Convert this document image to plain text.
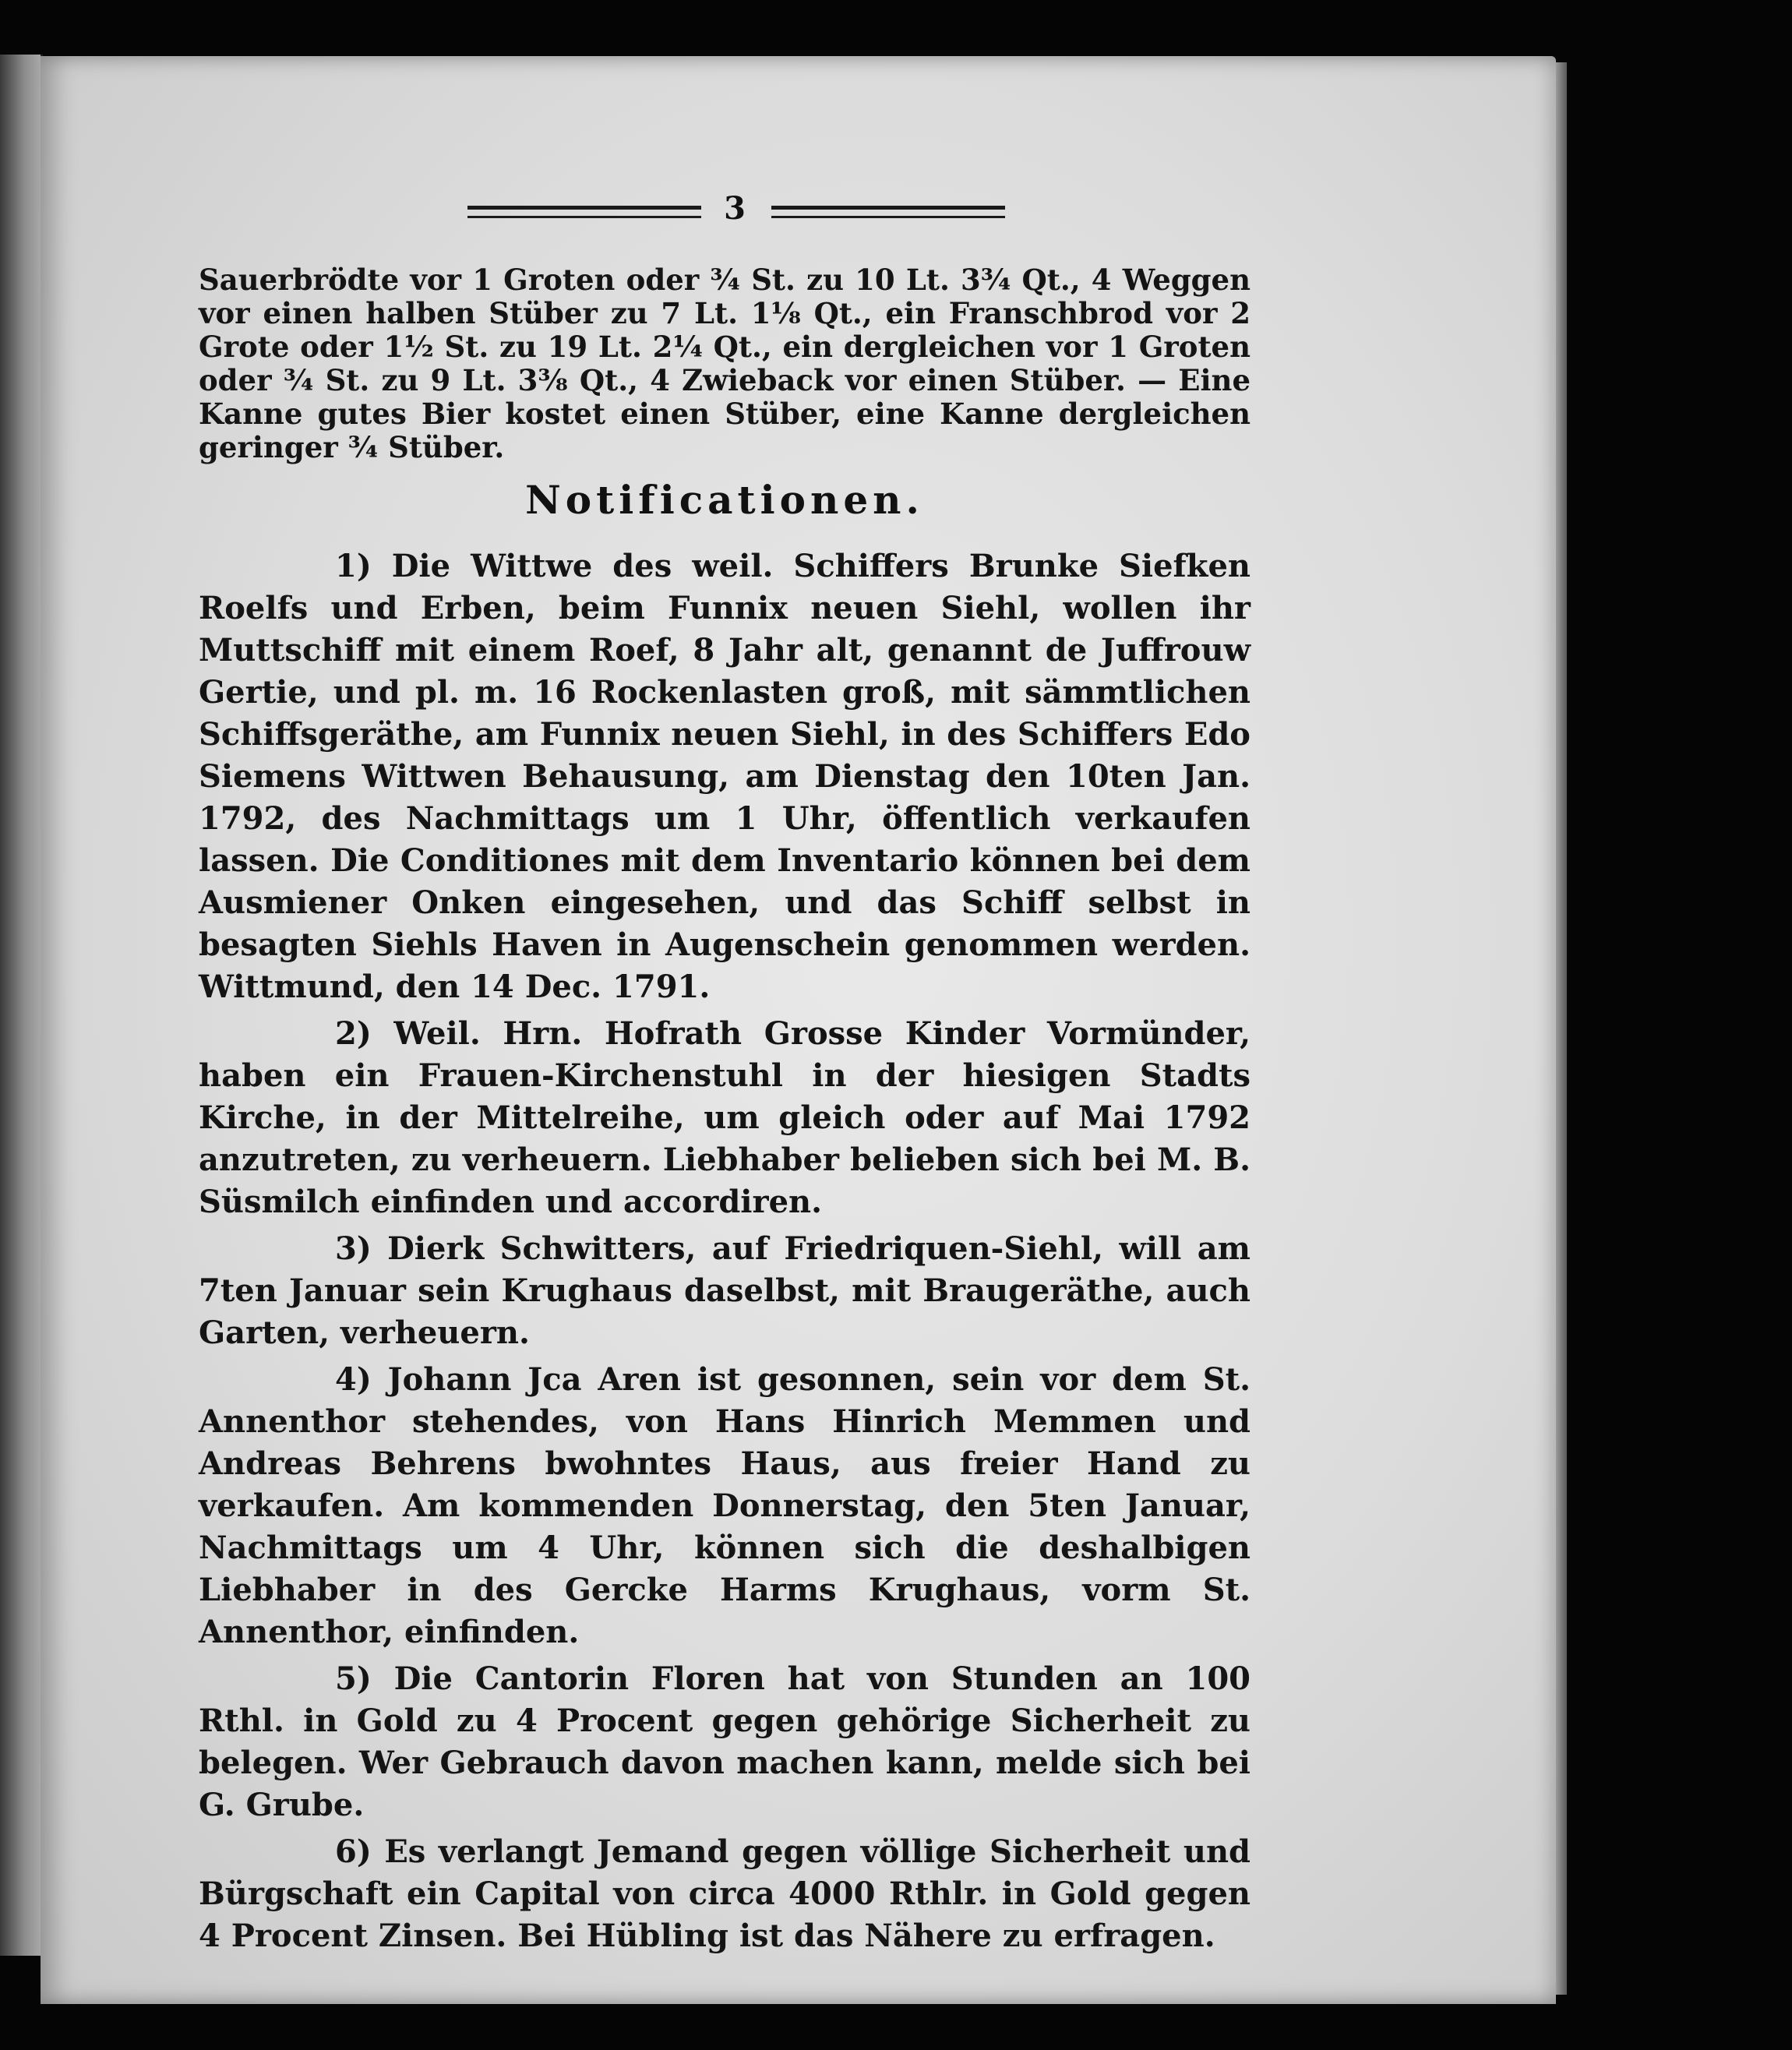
3
Sauerbrödte vor 1 Groten oder ¾ St. zu 10 Lt. 3¾ Qt., 4 Weggen vor einen halben Stüber zu 7 Lt. 1⅛ Qt., ein Franschbrod vor 2 Grote oder 1½ St. zu 19 Lt. 2¼ Qt., ein dergleichen vor 1 Groten oder ¾ St. zu 9 Lt. 3⅜ Qt., 4 Zwieback vor einen Stüber. — Eine Kanne gutes Bier kostet einen Stüber, eine Kanne dergleichen geringer ¾ Stüber.
Notificationen.

1) Die Wittwe des weil. Schiffers Brunke Siefken Roelfs und Erben, beim Funnix neuen Siehl, wollen ihr Muttschiff mit einem Roef, 8 Jahr alt, genannt de Juffrouw Gertie, und pl. m. 16 Rockenlasten groß, mit sämmtlichen Schiffsgeräthe, am Funnix neuen Siehl, in des Schiffers Edo Siemens Wittwen Behausung, am Dienstag den 10ten Jan. 1792, des Nachmittags um 1 Uhr, öffentlich verkaufen lassen. Die Conditiones mit dem Inventario können bei dem Ausmiener Onken eingesehen, und das Schiff selbst in besagten Siehls Haven in Augenschein genommen werden. Wittmund, den 14 Dec. 1791.

2) Weil. Hrn. Hofrath Grosse Kinder Vormünder, haben ein Frauen-Kirchenstuhl in der hiesigen Stadts Kirche, in der Mittelreihe, um gleich oder auf Mai 1792 anzutreten, zu verheuern. Liebhaber belieben sich bei M. B. Süsmilch einfinden und accordiren.

3) Dierk Schwitters, auf Friedriquen-Siehl, will am 7ten Januar sein Krughaus daselbst, mit Braugeräthe, auch Garten, verheuern.

4) Johann Jca Aren ist gesonnen, sein vor dem St. Annenthor stehendes, von Hans Hinrich Memmen und Andreas Behrens bwohntes Haus, aus freier Hand zu verkaufen. Am kommenden Donnerstag, den 5ten Januar, Nachmittags um 4 Uhr, können sich die deshalbigen Liebhaber in des Gercke Harms Krughaus, vorm St. Annenthor, einfinden.

5) Die Cantorin Floren hat von Stunden an 100 Rthl. in Gold zu 4 Procent gegen gehörige Sicherheit zu belegen. Wer Gebrauch davon machen kann, melde sich bei G. Grube.

6) Es verlangt Jemand gegen völlige Sicherheit und Bürgschaft ein Capital von circa 4000 Rthlr. in Gold gegen 4 Procent Zinsen. Bei Hübling ist das Nähere zu erfragen.
